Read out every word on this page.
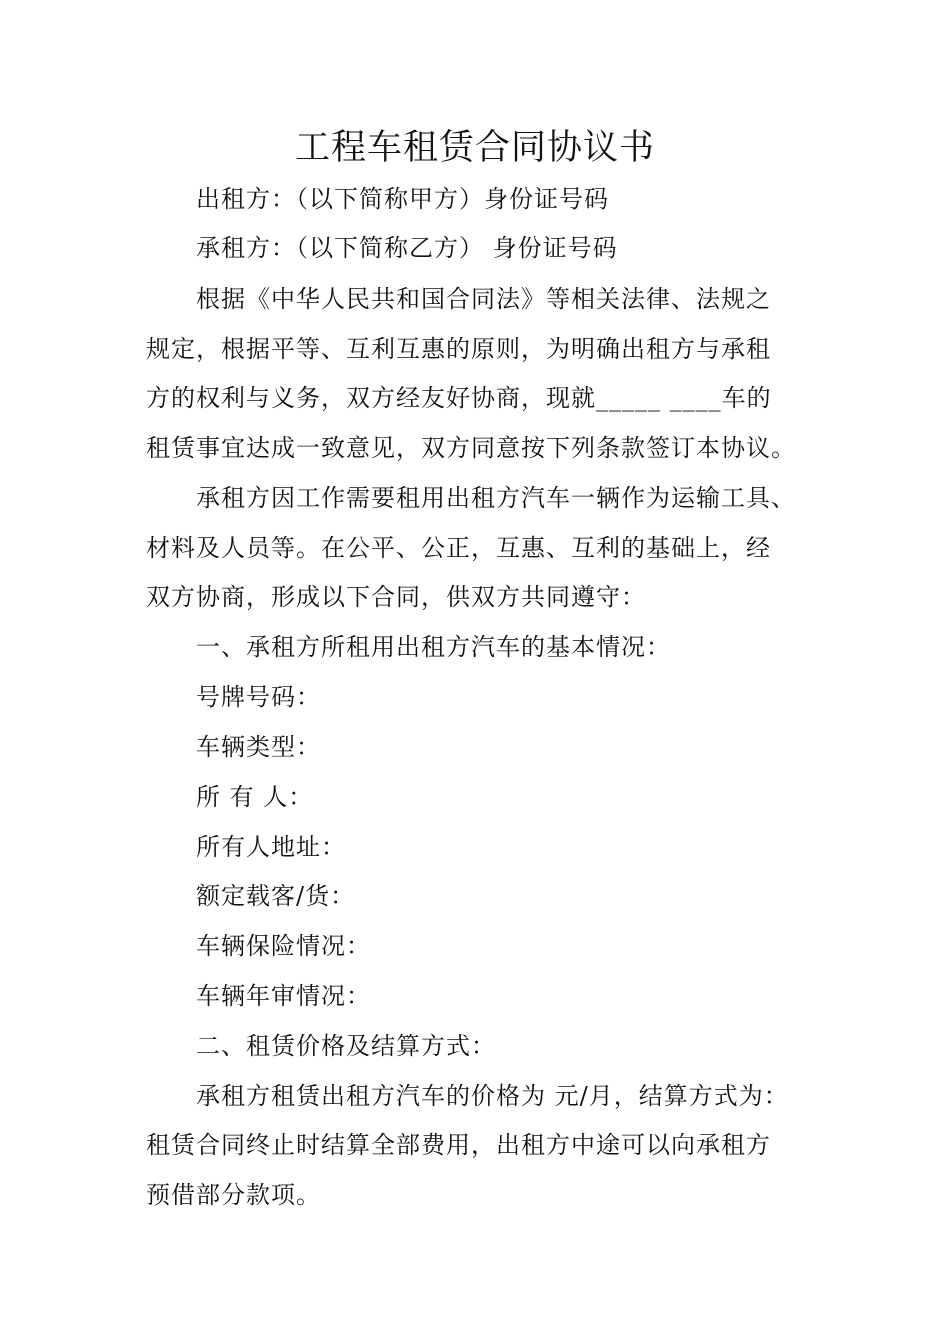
工程车租赁合同协议书
出租方：（以下简称甲方）身份证号码
承租方：（以下简称乙方） 身份证号码
根据《中华人民共和国合同法》等相关法律、法规之
规定，根据平等、互利互惠的原则，为明确出租方与承租
方的权利与义务，双方经友好协商，现就_____ ____车的
租赁事宜达成一致意见，双方同意按下列条款签订本协议。
承租方因工作需要租用出租方汽车一辆作为运输工具、
材料及人员等。在公平、公正，互惠、互利的基础上，经
双方协商，形成以下合同，供双方共同遵守：
一、承租方所租用出租方汽车的基本情况：
号牌号码：
车辆类型：
所 有 人：
所有人地址：
额定载客/货：
车辆保险情况：
车辆年审情况：
二、租赁价格及结算方式：
承租方租赁出租方汽车的价格为 元/月，结算方式为：
租赁合同终止时结算全部费用，出租方中途可以向承租方
预借部分款项。
